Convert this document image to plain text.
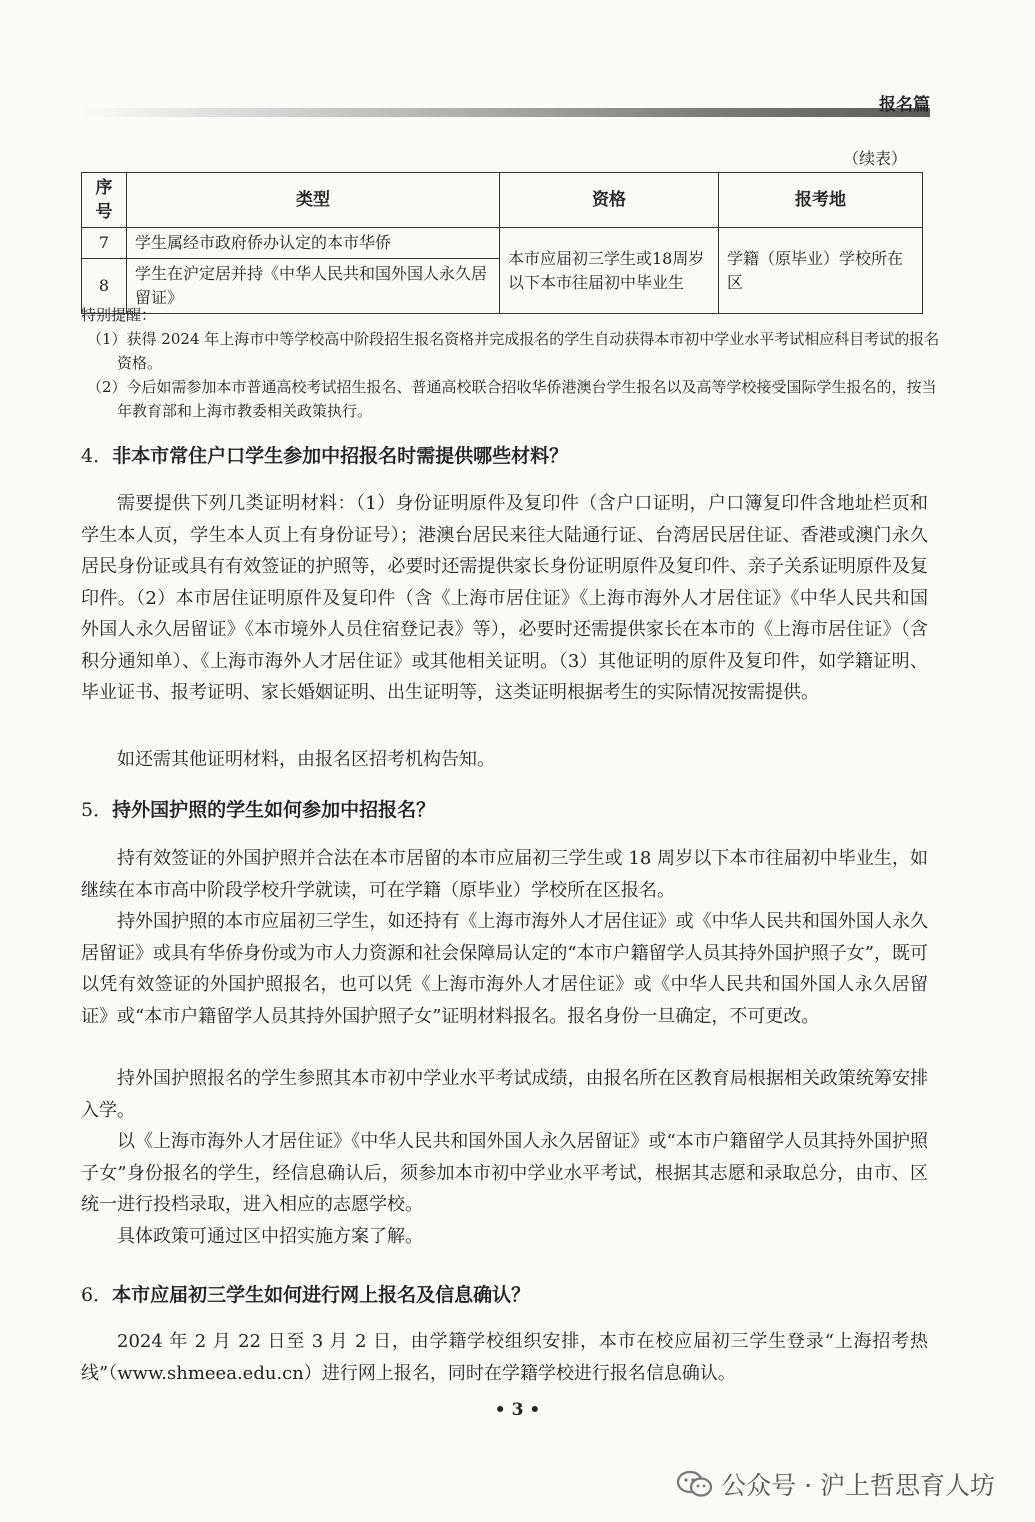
报名篇
（续表）
序号	类型	资格	报考地
7	学生属经市政府侨办认定的本市华侨	本市应届初三学生或18周岁以下本市往届初中毕业生	学籍（原毕业）学校所在区
8	学生在沪定居并持《中华人民共和国外国人永久居留证》		
特别提醒：
（1）获得 2024 年上海市中等学校高中阶段招生报名资格并完成报名的学生自动获得本市初中学业水平考试相应科目考试的报名资格。
（2）今后如需参加本市普通高校考试招生报名、普通高校联合招收华侨港澳台学生报名以及高等学校接受国际学生报名的，按当年教育部和上海市教委相关政策执行。
4．非本市常住户口学生参加中招报名时需提供哪些材料？

需要提供下列几类证明材料：（1）身份证明原件及复印件（含户口证明，户口簿复印件含地址栏页和学生本人页，学生本人页上有身份证号）；港澳台居民来往大陆通行证、台湾居民居住证、香港或澳门永久居民身份证或具有有效签证的护照等，必要时还需提供家长身份证明原件及复印件、亲子关系证明原件及复印件。（2）本市居住证明原件及复印件（含《上海市居住证》《上海市海外人才居住证》《中华人民共和国外国人永久居留证》《本市境外人员住宿登记表》等），必要时还需提供家长在本市的《上海市居住证》（含积分通知单）、《上海市海外人才居住证》或其他相关证明。（3）其他证明的原件及复印件，如学籍证明、毕业证书、报考证明、家长婚姻证明、出生证明等，这类证明根据考生的实际情况按需提供。

如还需其他证明材料，由报名区招考机构告知。

5．持外国护照的学生如何参加中招报名？

持有效签证的外国护照并合法在本市居留的本市应届初三学生或 18 周岁以下本市往届初中毕业生，如继续在本市高中阶段学校升学就读，可在学籍（原毕业）学校所在区报名。

持外国护照的本市应届初三学生，如还持有《上海市海外人才居住证》或《中华人民共和国外国人永久居留证》或具有华侨身份或为市人力资源和社会保障局认定的“本市户籍留学人员其持外国护照子女”，既可以凭有效签证的外国护照报名，也可以凭《上海市海外人才居住证》或《中华人民共和国外国人永久居留证》或“本市户籍留学人员其持外国护照子女”证明材料报名。报名身份一旦确定，不可更改。

持外国护照报名的学生参照其本市初中学业水平考试成绩，由报名所在区教育局根据相关政策统筹安排入学。

以《上海市海外人才居住证》《中华人民共和国外国人永久居留证》或“本市户籍留学人员其持外国护照子女”身份报名的学生，经信息确认后，须参加本市初中学业水平考试，根据其志愿和录取总分，由市、区统一进行投档录取，进入相应的志愿学校。

具体政策可通过区中招实施方案了解。

6．本市应届初三学生如何进行网上报名及信息确认？

2024 年 2 月 22 日至 3 月 2 日，由学籍学校组织安排，本市在校应届初三学生登录“上海招考热线”（www.shmeea.edu.cn）进行网上报名，同时在学籍学校进行报名信息确认。

• 3 •
公众号 · 沪上哲思育人坊
